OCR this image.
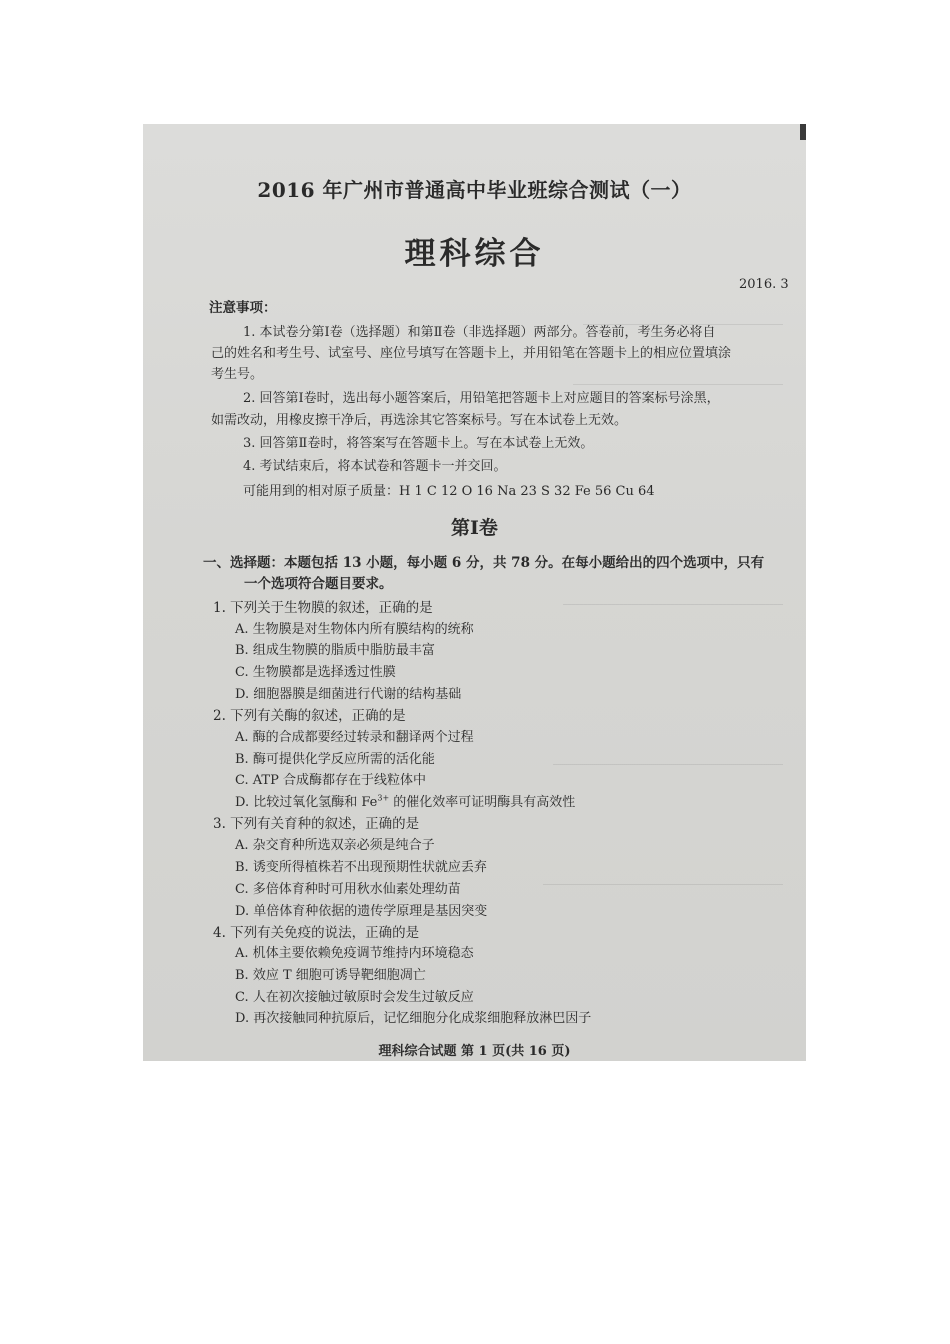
2016 年广州市普通高中毕业班综合测试（一）
理科综合
2016. 3
注意事项：
1. 本试卷分第Ⅰ卷（选择题）和第Ⅱ卷（非选择题）两部分。答卷前，考生务必将自
己的姓名和考生号、试室号、座位号填写在答题卡上，并用铅笔在答题卡上的相应位置填涂
考生号。
2. 回答第Ⅰ卷时，选出每小题答案后，用铅笔把答题卡上对应题目的答案标号涂黑，
如需改动，用橡皮擦干净后，再选涂其它答案标号。写在本试卷上无效。
3. 回答第Ⅱ卷时，将答案写在答题卡上。写在本试卷上无效。
4. 考试结束后，将本试卷和答题卡一并交回。
可能用到的相对原子质量：H 1 C 12 O 16 Na 23 S 32 Fe 56 Cu 64
第Ⅰ卷
一、选择题：本题包括 13 小题，每小题 6 分，共 78 分。在每小题给出的四个选项中，只有
一个选项符合题目要求。
1. 下列关于生物膜的叙述，正确的是
A. 生物膜是对生物体内所有膜结构的统称
B. 组成生物膜的脂质中脂肪最丰富
C. 生物膜都是选择透过性膜
D. 细胞器膜是细菌进行代谢的结构基础
2. 下列有关酶的叙述，正确的是
A. 酶的合成都要经过转录和翻译两个过程
B. 酶可提供化学反应所需的活化能
C. ATP 合成酶都存在于线粒体中
D. 比较过氧化氢酶和 $Fe^{3+}$ 的催化效率可证明酶具有高效性
3. 下列有关育种的叙述，正确的是
A. 杂交育种所选双亲必须是纯合子
B. 诱变所得植株若不出现预期性状就应丢弃
C. 多倍体育种时可用秋水仙素处理幼苗
D. 单倍体育种依据的遗传学原理是基因突变
4. 下列有关免疫的说法，正确的是
A. 机体主要依赖免疫调节维持内环境稳态
B. 效应 T 细胞可诱导靶细胞凋亡
C. 人在初次接触过敏原时会发生过敏反应
D. 再次接触同种抗原后，记忆细胞分化成浆细胞释放淋巴因子
理科综合试题 第 1 页(共 16 页)
